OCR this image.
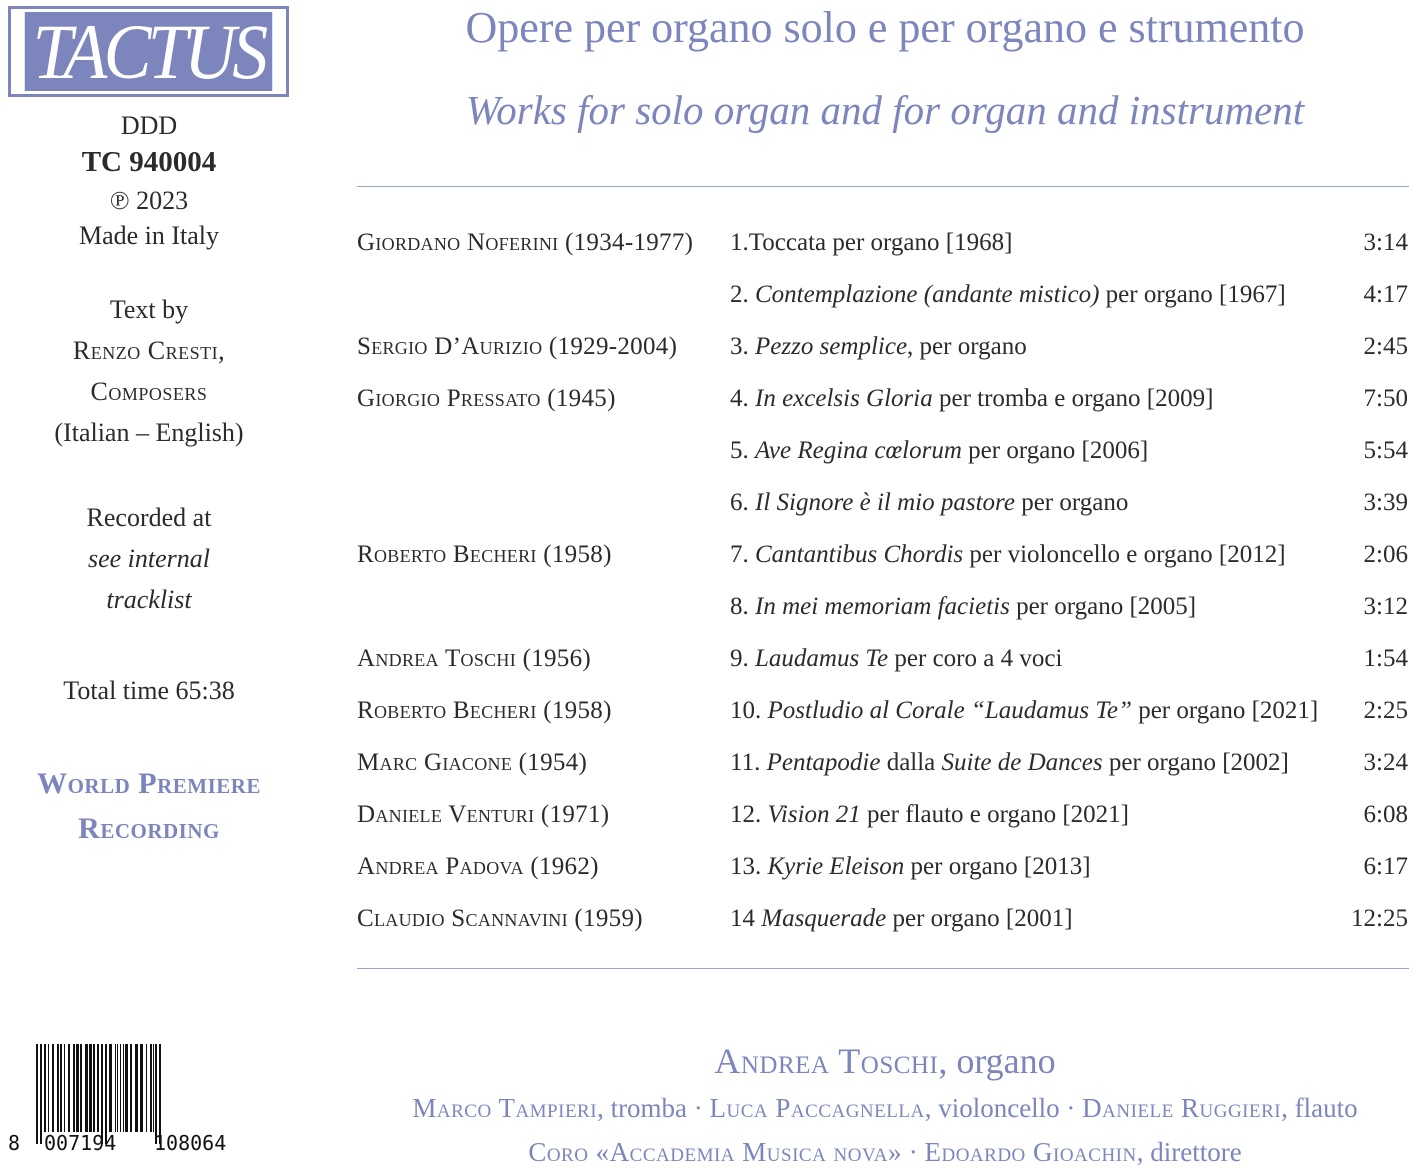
TACTUS
DDD
TC 940004
℗ 2023
Made in Italy
Text by
Renzo Cresti,
Composers
(Italian – English)
Recorded at
see internal
tracklist
Total time 65:38
World Premiere
Recording
Opere per organo solo e per organo e strumento
Works for solo organ and for organ and instrument
Giordano Noferini (1934-1977) 1.Toccata per organo [1968]	3:14
2. Contemplazione (andante mistico) per organo [1967]	4:17
Sergio D’Aurizio (1929-2004) 3. Pezzo semplice, per organo	2:45
Giorgio Pressato (1945)	4. In excelsis Gloria per tromba e organo [2009]	7:50
5. Ave Regina cœlorum per organo [2006]	5:54
6. Il Signore è il mio pastore per organo	3:39
Roberto Becheri (1958)	7. Cantantibus Chordis per violoncello e organo [2012]	2:06
8. In mei memoriam facietis per organo [2005]	3:12
Andrea Toschi (1956)	9. Laudamus Te per coro a 4 voci	1:54
Roberto Becheri (1958)	10. Postludio al Corale “Laudamus Te” per organo [2021] 2:25
Marc Giacone (1954)	11. Pentapodie dalla Suite de Dances per organo [2002]	3:24
Daniele Venturi (1971)	12. Vision 21 per flauto e organo [2021]	6:08
Andrea Padova (1962)	13. Kyrie Eleison per organo [2013]	6:17
Claudio Scannavini (1959)	14 Masquerade per organo [2001]	12:25
Andrea Toschi, organo
Marco Tampieri, tromba · Luca Paccagnella, violoncello · Daniele Ruggieri, flauto
Coro «Accademia Musica nova» · Edoardo Gioachin, direttore
8 007194 108064
